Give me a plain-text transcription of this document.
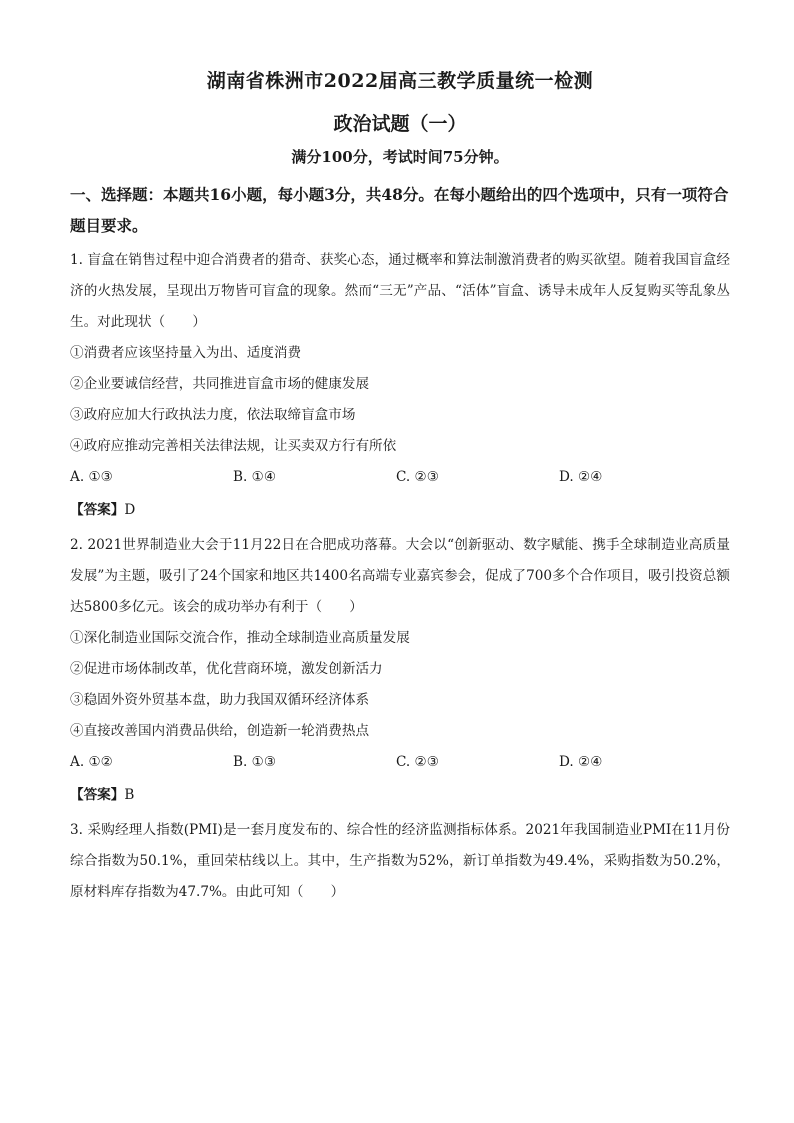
湖南省株洲市2022届高三教学质量统一检测
政治试题（一）
满分100分，考试时间75分钟。
一、选择题：本题共16小题，每小题3分，共48分。在每小题给出的四个选项中，只有一项符合题目要求。

1. 盲盒在销售过程中迎合消费者的猎奇、获奖心态，通过概率和算法制激消费者的购买欲望。随着我国盲盒经济的火热发展，呈现出万物皆可盲盒的现象。然而“三无”产品、“活体”盲盒、诱导未成年人反复购买等乱象丛生。对此现状（　　）

①消费者应该坚持量入为出、适度消费

②企业要诚信经营，共同推进盲盒市场的健康发展

③政府应加大行政执法力度，依法取缔盲盒市场

④政府应推动完善相关法律法规，让买卖双方行有所依

A. ①③	B. ①④	C. ②③	D. ②④

【答案】D

2. 2021世界制造业大会于11月22日在合肥成功落幕。大会以“创新驱动、数字赋能、携手全球制造业高质量发展”为主题，吸引了24个国家和地区共1400名高端专业嘉宾参会，促成了700多个合作项目，吸引投资总额达5800多亿元。该会的成功举办有利于（　　）

①深化制造业国际交流合作，推动全球制造业高质量发展

②促进市场体制改革，优化营商环境，激发创新活力

③稳固外资外贸基本盘，助力我国双循环经济体系

④直接改善国内消费品供给，创造新一轮消费热点

A. ①②	B. ①③	C. ②③	D. ②④

【答案】B

3. 采购经理人指数(PMI)是一套月度发布的、综合性的经济监测指标体系。2021年我国制造业PMI在11月份综合指数为50.1%，重回荣枯线以上。其中，生产指数为52%，新订单指数为49.4%，采购指数为50.2%，原材料库存指数为47.7%。由此可知（　　）
